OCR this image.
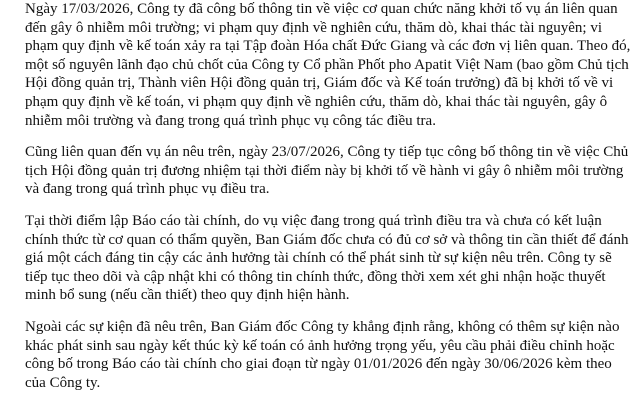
Ngày 17/03/2026, Công ty đã công bố thông tin về việc cơ quan chức năng khởi tố vụ án liên quan
đến gây ô nhiễm môi trường; vi phạm quy định về nghiên cứu, thăm dò, khai thác tài nguyên; vi
phạm quy định về kế toán xảy ra tại Tập đoàn Hóa chất Đức Giang và các đơn vị liên quan. Theo đó,
một số nguyên lãnh đạo chủ chốt của Công ty Cổ phần Phốt pho Apatit Việt Nam (bao gồm Chủ tịch
Hội đồng quản trị, Thành viên Hội đồng quản trị, Giám đốc và Kế toán trưởng) đã bị khởi tố về vi
phạm quy định về kế toán, vi phạm quy định về nghiên cứu, thăm dò, khai thác tài nguyên, gây ô
nhiễm môi trường và đang trong quá trình phục vụ công tác điều tra.
Cũng liên quan đến vụ án nêu trên, ngày 23/07/2026, Công ty tiếp tục công bố thông tin về việc Chủ
tịch Hội đồng quản trị đương nhiệm tại thời điểm này bị khởi tố về hành vi gây ô nhiễm môi trường
và đang trong quá trình phục vụ điều tra.
Tại thời điểm lập Báo cáo tài chính, do vụ việc đang trong quá trình điều tra và chưa có kết luận
chính thức từ cơ quan có thẩm quyền, Ban Giám đốc chưa có đủ cơ sở và thông tin cần thiết để đánh
giá một cách đáng tin cậy các ảnh hưởng tài chính có thể phát sinh từ sự kiện nêu trên. Công ty sẽ
tiếp tục theo dõi và cập nhật khi có thông tin chính thức, đồng thời xem xét ghi nhận hoặc thuyết
minh bổ sung (nếu cần thiết) theo quy định hiện hành.
Ngoài các sự kiện đã nêu trên, Ban Giám đốc Công ty khẳng định rằng, không có thêm sự kiện nào
khác phát sinh sau ngày kết thúc kỳ kế toán có ảnh hưởng trọng yếu, yêu cầu phải điều chỉnh hoặc
công bố trong Báo cáo tài chính cho giai đoạn từ ngày 01/01/2026 đến ngày 30/06/2026 kèm theo
của Công ty.
